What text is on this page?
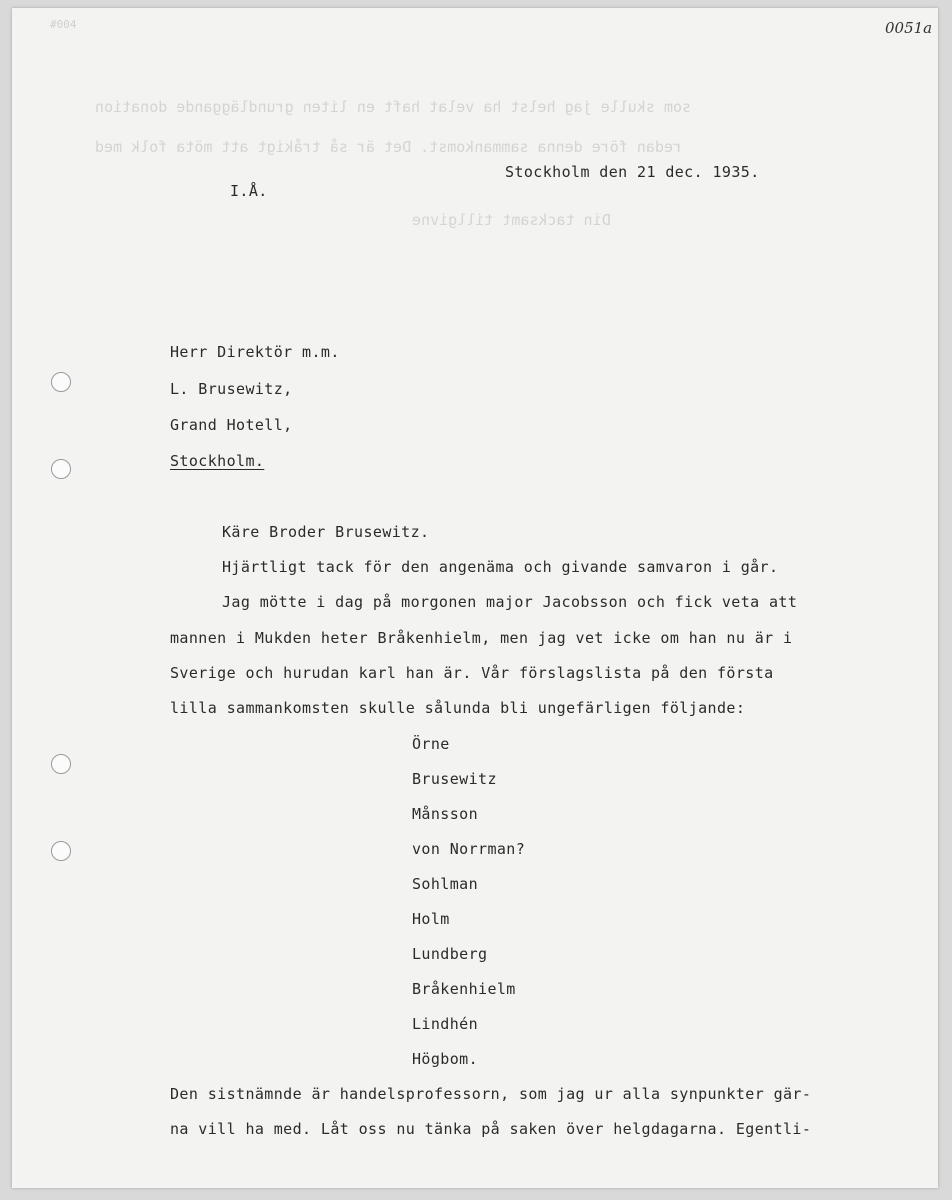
#004	0051a
som skulle jag helst ha velat haft en liten grundläggande donation
redan före denna sammankomst. Det är så tråkigt att möta folk med
Din tacksamt tillgivne
I.Å.
Stockholm den 21 dec. 1935.
Herr Direktör m.m.
L. Brusewitz,
Grand Hotell,
Stockholm.
Käre Broder Brusewitz.
Hjärtligt tack för den angenäma och givande samvaron i går.
Jag mötte i dag på morgonen major Jacobsson och fick veta att
mannen i Mukden heter Bråkenhielm, men jag vet icke om han nu är i
Sverige och hurudan karl han är. Vår förslagslista på den första
lilla sammankomsten skulle sålunda bli ungefärligen följande:
Örne
Brusewitz
Månsson
von Norrman?
Sohlman
Holm
Lundberg
Bråkenhielm
Lindhén
Högbom.
Den sistnämnde är handelsprofessorn, som jag ur alla synpunkter gär-
na vill ha med. Låt oss nu tänka på saken över helgdagarna. Egentli-
